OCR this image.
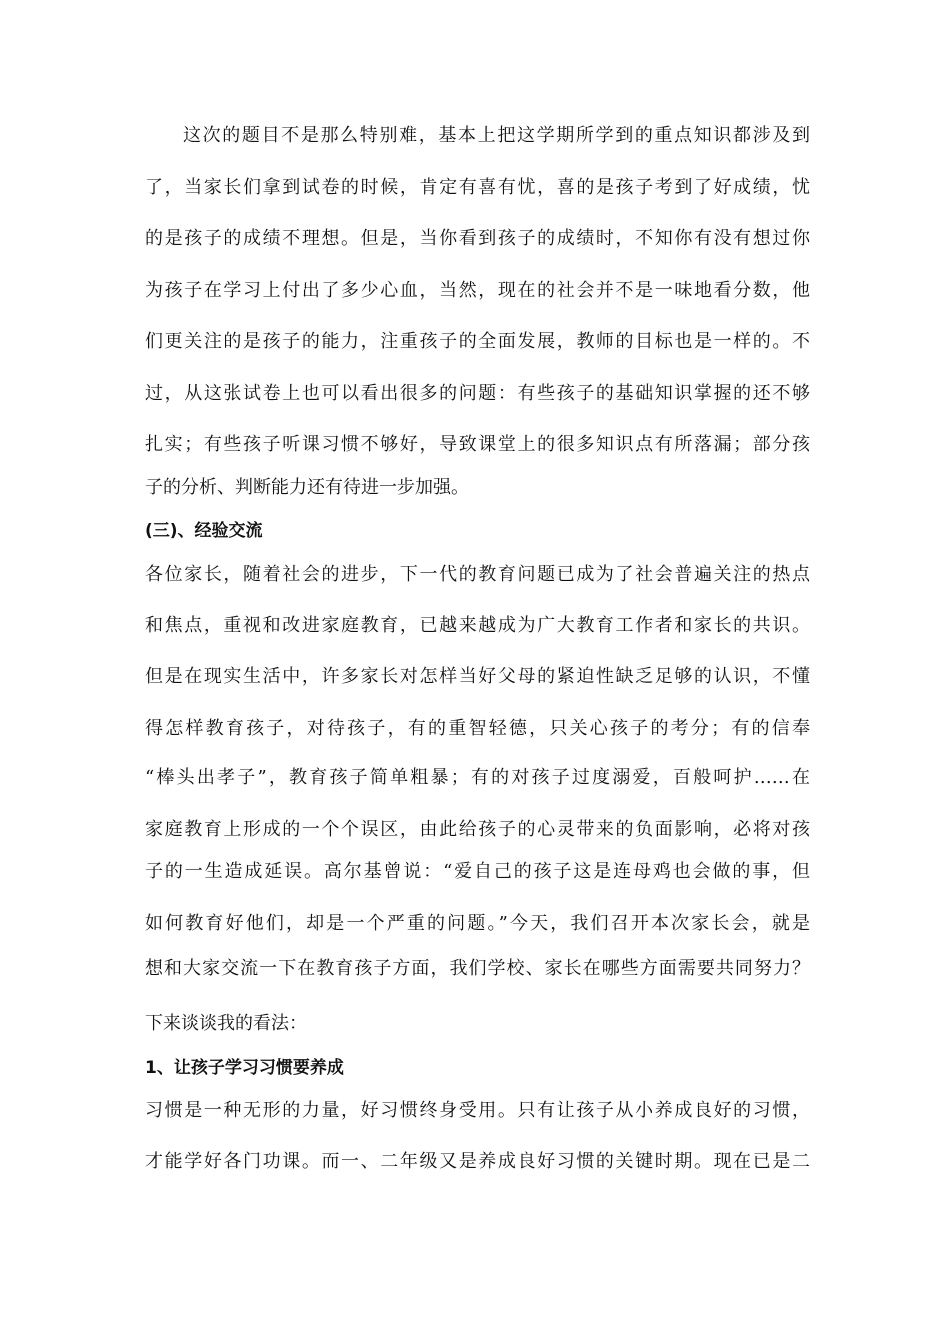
这次的题目不是那么特别难，基本上把这学期所学到的重点知识都涉及到
了，当家长们拿到试卷的时候，肯定有喜有忧，喜的是孩子考到了好成绩，忧
的是孩子的成绩不理想。但是，当你看到孩子的成绩时，不知你有没有想过你
为孩子在学习上付出了多少心血，当然，现在的社会并不是一味地看分数，他
们更关注的是孩子的能力，注重孩子的全面发展，教师的目标也是一样的。不
过，从这张试卷上也可以看出很多的问题：有些孩子的基础知识掌握的还不够
扎实；有些孩子听课习惯不够好，导致课堂上的很多知识点有所落漏；部分孩
子的分析、判断能力还有待进一步加强。
(三)、经验交流
各位家长，随着社会的进步，下一代的教育问题已成为了社会普遍关注的热点
和焦点，重视和改进家庭教育，已越来越成为广大教育工作者和家长的共识。
但是在现实生活中，许多家长对怎样当好父母的紧迫性缺乏足够的认识，不懂
得怎样教育孩子，对待孩子，有的重智轻德，只关心孩子的考分；有的信奉
“棒头出孝子”，教育孩子简单粗暴；有的对孩子过度溺爱，百般呵护……在
家庭教育上形成的一个个误区，由此给孩子的心灵带来的负面影响，必将对孩
子的一生造成延误。高尔基曾说：“爱自己的孩子这是连母鸡也会做的事，但
如何教育好他们，却是一个严重的问题。”今天，我们召开本次家长会，就是
想和大家交流一下在教育孩子方面，我们学校、家长在哪些方面需要共同努力？
下来谈谈我的看法：
1、让孩子学习习惯要养成
习惯是一种无形的力量，好习惯终身受用。只有让孩子从小养成良好的习惯，
才能学好各门功课。而一、二年级又是养成良好习惯的关键时期。现在已是二
